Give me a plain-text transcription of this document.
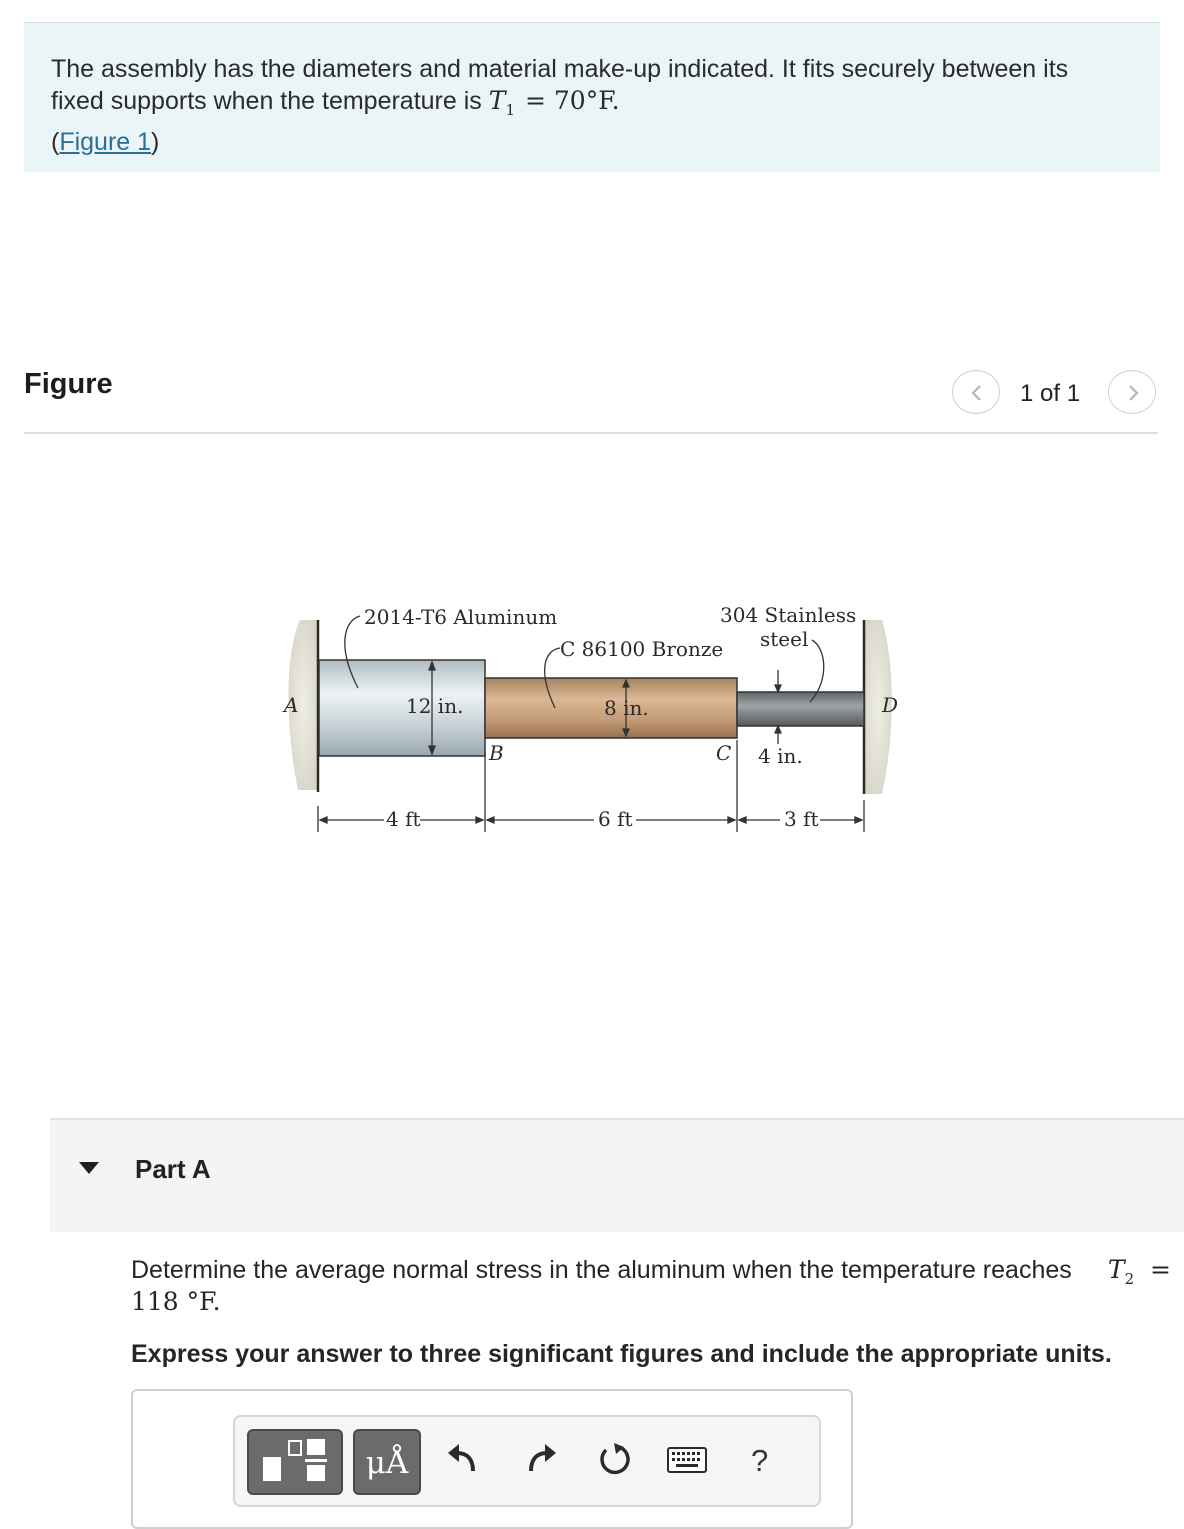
The assembly has the diameters and material make-up indicated. It fits securely between its
fixed supports when the temperature is $T_1 = 70^\circ F$.
(Figure 1)
Figure	1 of 1
2014-T6 Aluminum
C 86100 Bronze
304 Stainless
steel
A
B	C
D
12 in.	8 in.
4 in.
4 ft	6 ft	3 ft
Part A
Determine the average normal stress in the aluminum when the temperature reaches $T_2$ =

118 °F.
Express your answer to three significant figures and include the appropriate units.
μÅ	?
